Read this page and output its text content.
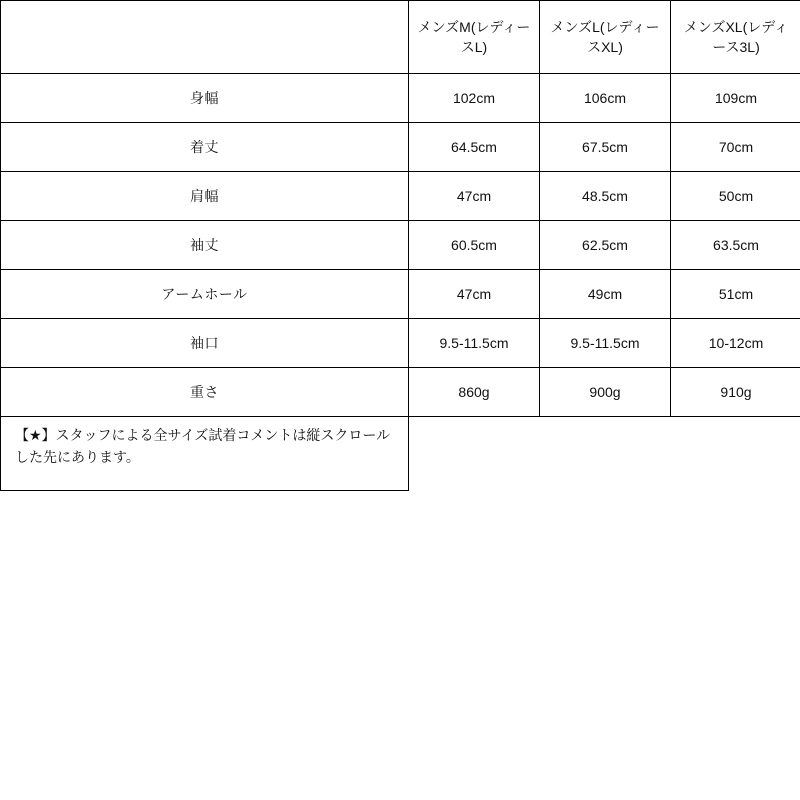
	メンズM(レディースL)	メンズL(レディースXL)	メンズXL(レディース3L)
身幅	102cm	106cm	109cm
着丈	64.5cm	67.5cm	70cm
肩幅	47cm	48.5cm	50cm
袖丈	60.5cm	62.5cm	63.5cm
アームホール	47cm	49cm	51cm
袖口	9.5-11.5cm	9.5-11.5cm	10-12cm
重さ	860g	900g	910g
【★】スタッフによる全サイズ試着コメントは縦スクロールした先にあります。			
